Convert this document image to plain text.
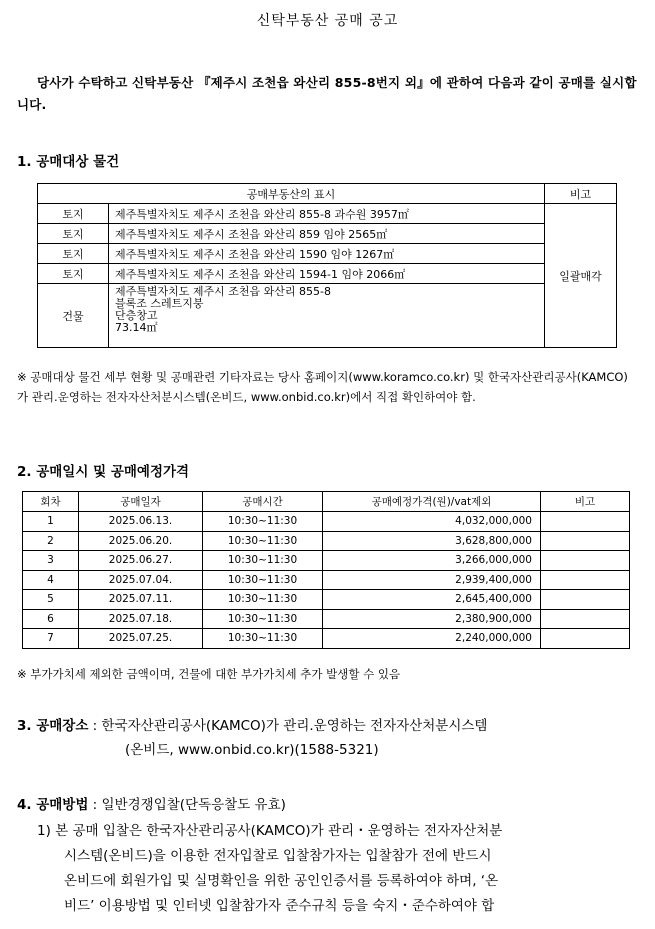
신탁부동산 공매 공고
당사가 수탁하고 신탁부동산 『제주시 조천읍 와산리 855-8번지 외』에 관하여 다음과 같이 공매를 실시합니다.
1. 공매대상 물건
공매부동산의 표시		비고
토지	제주특별자치도 제주시 조천읍 와산리 855-8 과수원 3957㎡	일괄매각
토지	제주특별자치도 제주시 조천읍 와산리 859 임야 2565㎡	
토지	제주특별자치도 제주시 조천읍 와산리 1590 임야 1267㎡	
토지	제주특별자치도 제주시 조천읍 와산리 1594-1 임야 2066㎡	
건물	제주특별자치도 제주시 조천읍 와산리 855-8
블록조 스레트지붕
단층창고
73.14㎡	
※ 공매대상 물건 세부 현황 및 공매관련 기타자료는 당사 홈페이지(www.koramco.co.kr) 및 한국자산관리공사(KAMCO)가 관리.운영하는 전자자산처분시스템(온비드, www.onbid.co.kr)에서 직접 확인하여야 함.
2. 공매일시 및 공매예정가격
회차	공매일자	공매시간	공매예정가격(원)/vat제외	비고
1	2025.06.13.	10:30~11:30	4,032,000,000	
2	2025.06.20.	10:30~11:30	3,628,800,000	
3	2025.06.27.	10:30~11:30	3,266,000,000	
4	2025.07.04.	10:30~11:30	2,939,400,000	
5	2025.07.11.	10:30~11:30	2,645,400,000	
6	2025.07.18.	10:30~11:30	2,380,900,000	
7	2025.07.25.	10:30~11:30	2,240,000,000	
※ 부가가치세 제외한 금액이며, 건물에 대한 부가가치세 추가 발생할 수 있음
3. 공매장소 : 한국자산관리공사(KAMCO)가 관리.운영하는 전자자산처분시스템
(온비드, www.onbid.co.kr)(1588-5321)
4. 공매방법 : 일반경쟁입찰(단독응찰도 유효)
1) 본 공매 입찰은 한국자산관리공사(KAMCO)가 관리・운영하는 전자자산처분
시스템(온비드)을 이용한 전자입찰로 입찰참가자는 입찰참가 전에 반드시
온비드에 회원가입 및 실명확인을 위한 공인인증서를 등록하여야 하며, ‘온
비드’ 이용방법 및 인터넷 입찰참가자 준수규칙 등을 숙지・준수하여야 합
